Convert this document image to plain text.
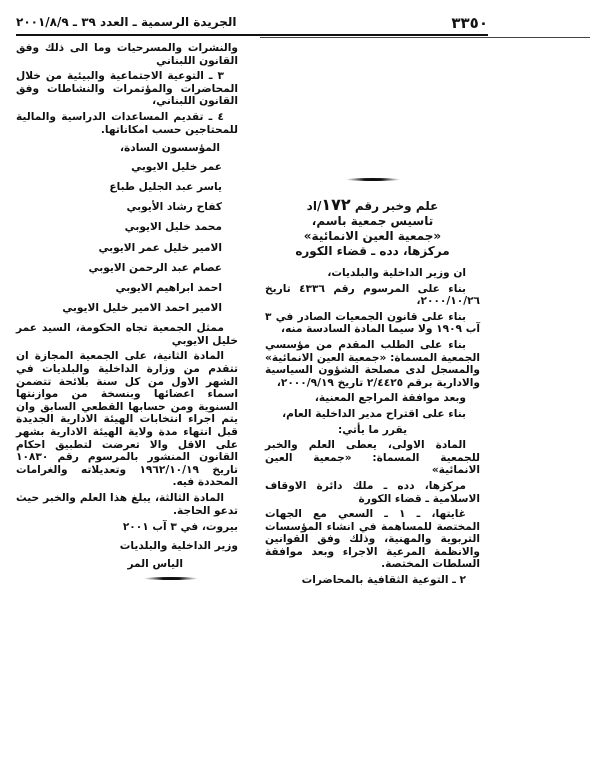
٣٣٥٠
الجريدة الرسمية ـ العدد ٣٩ ـ ٢٠٠١/٨/٩

والنشرات والمسرحيات وما الى ذلك وفق القانون اللبناني

٣ ـ التوعية الاجتماعية والبيئية من خلال المحاضرات والمؤتمرات والنشاطات وفق القانون اللبناني،

٤ ـ تقديم المساعدات الدراسية والمالية للمحتاجين حسب امكاناتها.

المؤسسون السادة،

عمر خليل الايوبي

ياسر عبد الجليل طباع

كفاح رشاد الأيوبي

محمد خليل الايوبي

الامير خليل عمر الايوبي

عصام عبد الرحمن الايوبي

احمد ابراهيم الايوبي

الامير احمد الامير خليل الايوبي

ممثل الجمعية تجاه الحكومة، السيد عمر خليل الايوبي

المادة الثانية، على الجمعية المجازة ان تتقدم من وزارة الداخلية والبلديات في الشهر الاول من كل سنة بلائحة تتضمن اسماء اعضائها وبنسخة من موازنتها السنوية ومن حسابها القطعي السابق وان يتم اجراء انتخابات الهيئة الادارية الجديدة قبل انتهاء مدة ولاية الهيئة الادارية بشهر على الاقل والا تعرضت لتطبيق احكام القانون المنشور بالمرسوم رقم ١٠٨٣٠ تاريخ ١٩٦٢/١٠/١٩ وتعديلاته والغرامات المحددة فيه.

المادة الثالثة، يبلغ هذا العلم والخبر حيث تدعو الحاجة.

بيروت، في ٣ آب ٢٠٠١

وزير الداخلية والبلديات

الياس المر

علم وخبر رقم ١٧٢/اد
تاسيس جمعية باسم،
«جمعية العين الانمائية»
مركزها، دده ـ قضاء الكوره

ان وزير الداخلية والبلديات،

بناء على المرسوم رقم ٤٣٣٦ تاريخ ٢٠٠٠/١٠/٢٦،

بناء على قانون الجمعيات الصادر في ٣ آب ١٩٠٩ ولا سيما المادة السادسة منه،

بناء على الطلب المقدم من مؤسسي الجمعية المسماة: «جمعية العين الانمائية» والمسجل لدى مصلحة الشؤون السياسية والادارية برقم ٢/٤٤٢٥ تاريخ ٢٠٠٠/٩/١٩،

وبعد موافقة المراجع المعنية،

بناء على اقتراح مدير الداخلية العام،

يقرر ما يأتي:

المادة الاولى، يعطى العلم والخبر للجمعية المسماة: «جمعية العين الانمائية»

مركزها، دده ـ ملك دائرة الاوقاف الاسلامية ـ قضاء الكورة

غايتها، ـ ١ ـ السعي مع الجهات المختصة للمساهمة في انشاء المؤسسات التربوية والمهنية، وذلك وفق القوانين والانظمة المرعية الاجراء وبعد موافقة السلطات المختصة.

٢ ـ التوعية الثقافية بالمحاضرات
